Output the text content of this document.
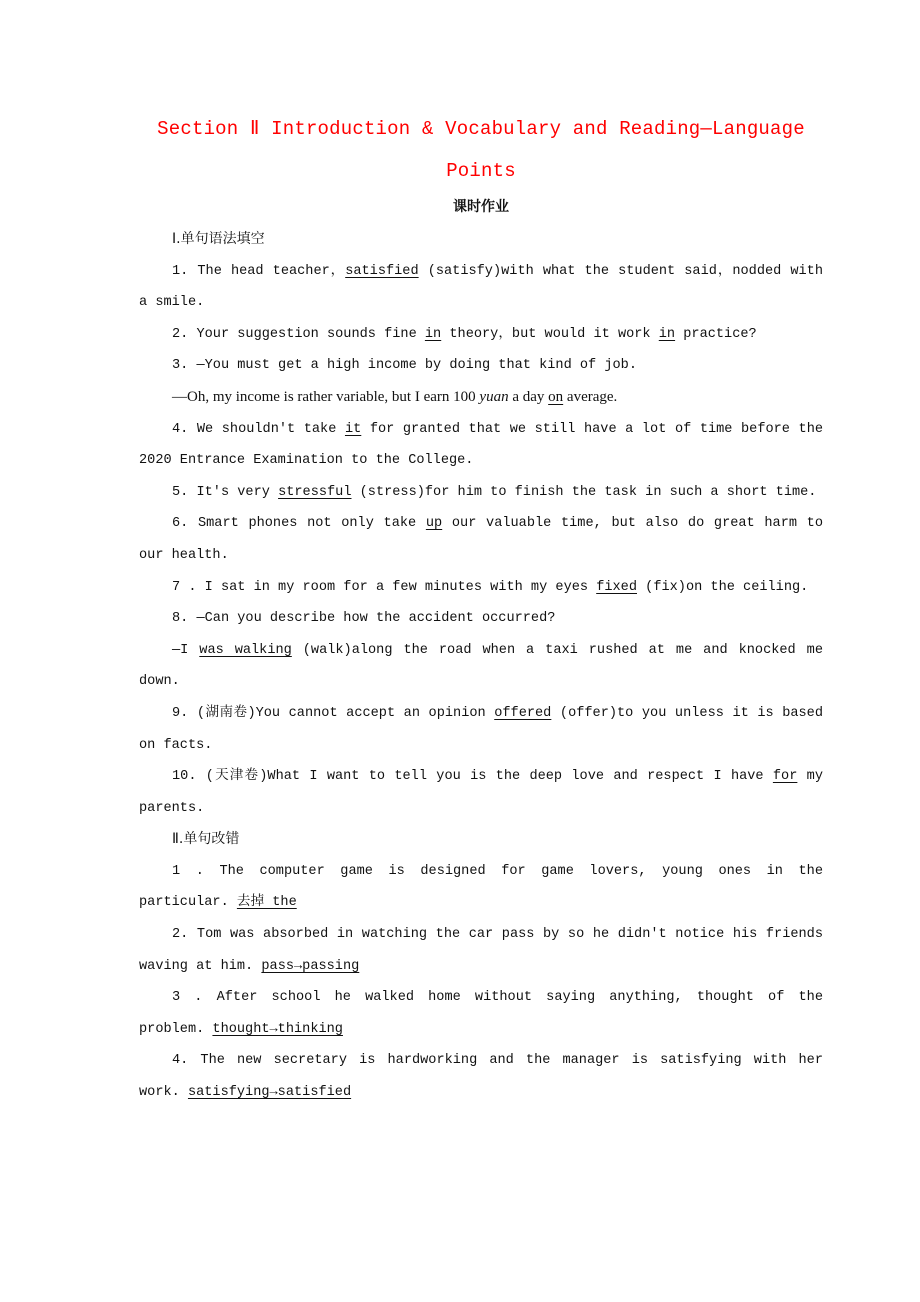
Section Ⅱ Introduction & Vocabulary and Reading—Language
Points

课时作业

Ⅰ.单句语法填空

1. The head teacher，satisfied (satisfy)with what the student said，nodded with a smile.

2. Your suggestion sounds fine in theory，but would it work in practice?

3. —You must get a high income by doing that kind of job.

—Oh, my income is rather variable, but I earn 100 yuan a day on average.

4. We shouldn't take it for granted that we still have a lot of time before the 2020 Entrance Examination to the College.

5. It's very stressful (stress)for him to finish the task in such a short time.

6. Smart phones not only take up our valuable time, but also do great harm to our health.

7 . I sat in my room for a few minutes with my eyes fixed (fix)on the ceiling.

8. —Can you describe how the accident occurred?

—I was walking (walk)along the road when a taxi rushed at me and knocked me down.

9. (湖南卷)You cannot accept an opinion offered (offer)to you unless it is based on facts.

10. (天津卷)What I want to tell you is the deep love and respect I have for my parents.

Ⅱ.单句改错

1 . The computer game is designed for game lovers, young ones in the particular. 去掉 the

2. Tom was absorbed in watching the car pass by so he didn't notice his friends waving at him. pass→passing

3 . After school he walked home without saying anything, thought of the problem. thought→thinking

4. The new secretary is hardworking and the manager is satisfying with her work. satisfying→satisfied
